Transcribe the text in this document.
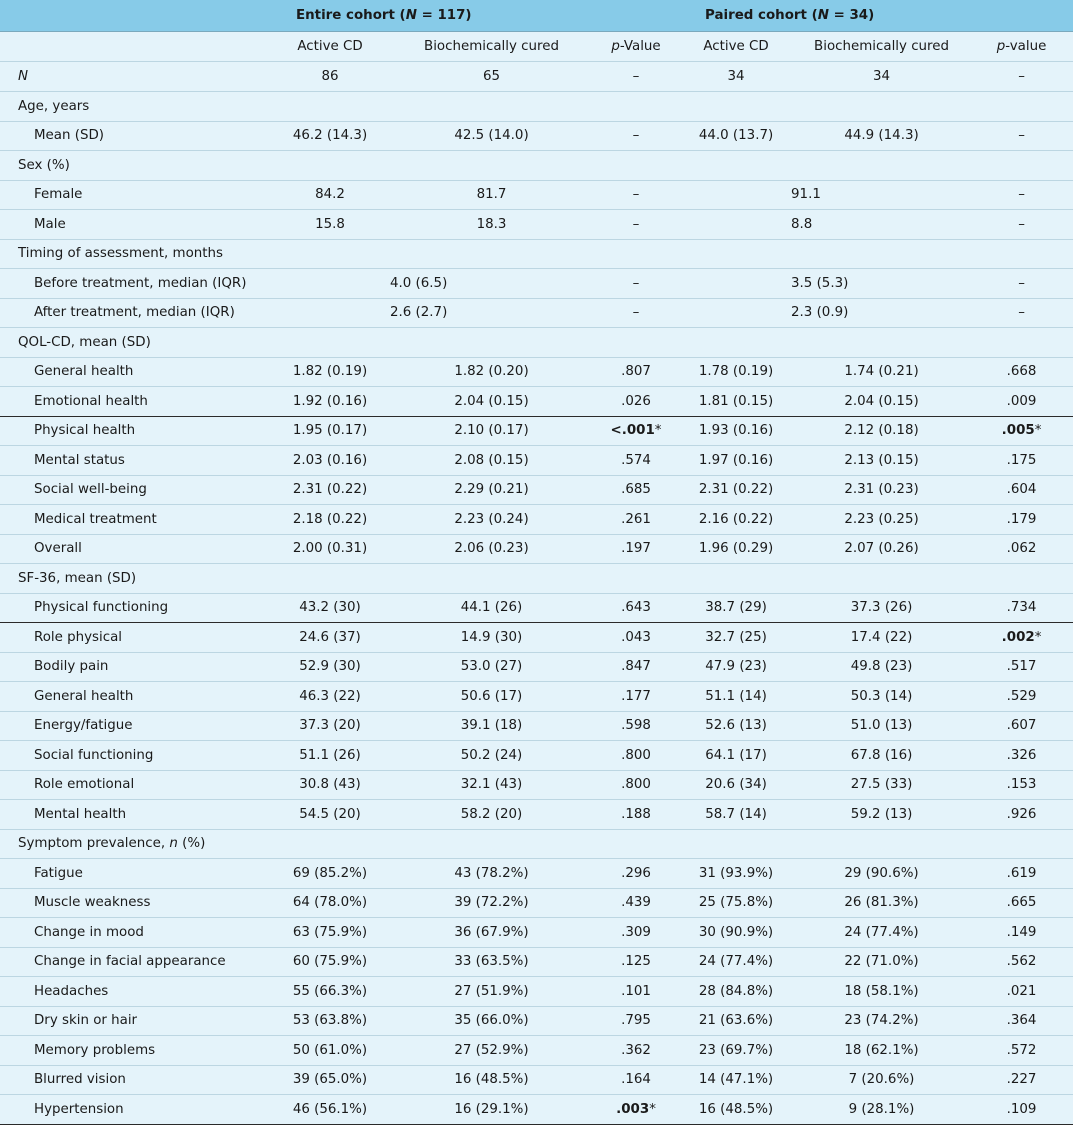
	Entire cohort (N = 117)			Paired cohort (N = 34)		
	Active CD	Biochemically cured	p-Value	Active CD	Biochemically cured	p-value
N	86	65	–	34	34	–
Age, years						
Mean (SD)	46.2 (14.3)	42.5 (14.0)	–	44.0 (13.7)	44.9 (14.3)	–
Sex (%)						
Female	84.2	81.7	–	91.1		–
Male	15.8	18.3	–	8.8		–
Timing of assessment, months						
Before treatment, median (IQR)	4.0 (6.5)		–	3.5 (5.3)		–
After treatment, median (IQR)	2.6 (2.7)		–	2.3 (0.9)		–
QOL-CD, mean (SD)						
General health	1.82 (0.19)	1.82 (0.20)	.807	1.78 (0.19)	1.74 (0.21)	.668
Emotional health	1.92 (0.16)	2.04 (0.15)	.026	1.81 (0.15)	2.04 (0.15)	.009
Physical health	1.95 (0.17)	2.10 (0.17)	<.001*	1.93 (0.16)	2.12 (0.18)	.005*
Mental status	2.03 (0.16)	2.08 (0.15)	.574	1.97 (0.16)	2.13 (0.15)	.175
Social well-being	2.31 (0.22)	2.29 (0.21)	.685	2.31 (0.22)	2.31 (0.23)	.604
Medical treatment	2.18 (0.22)	2.23 (0.24)	.261	2.16 (0.22)	2.23 (0.25)	.179
Overall	2.00 (0.31)	2.06 (0.23)	.197	1.96 (0.29)	2.07 (0.26)	.062
SF-36, mean (SD)						
Physical functioning	43.2 (30)	44.1 (26)	.643	38.7 (29)	37.3 (26)	.734
Role physical	24.6 (37)	14.9 (30)	.043	32.7 (25)	17.4 (22)	.002*
Bodily pain	52.9 (30)	53.0 (27)	.847	47.9 (23)	49.8 (23)	.517
General health	46.3 (22)	50.6 (17)	.177	51.1 (14)	50.3 (14)	.529
Energy/fatigue	37.3 (20)	39.1 (18)	.598	52.6 (13)	51.0 (13)	.607
Social functioning	51.1 (26)	50.2 (24)	.800	64.1 (17)	67.8 (16)	.326
Role emotional	30.8 (43)	32.1 (43)	.800	20.6 (34)	27.5 (33)	.153
Mental health	54.5 (20)	58.2 (20)	.188	58.7 (14)	59.2 (13)	.926
Symptom prevalence, n (%)						
Fatigue	69 (85.2%)	43 (78.2%)	.296	31 (93.9%)	29 (90.6%)	.619
Muscle weakness	64 (78.0%)	39 (72.2%)	.439	25 (75.8%)	26 (81.3%)	.665
Change in mood	63 (75.9%)	36 (67.9%)	.309	30 (90.9%)	24 (77.4%)	.149
Change in facial appearance	60 (75.9%)	33 (63.5%)	.125	24 (77.4%)	22 (71.0%)	.562
Headaches	55 (66.3%)	27 (51.9%)	.101	28 (84.8%)	18 (58.1%)	.021
Dry skin or hair	53 (63.8%)	35 (66.0%)	.795	21 (63.6%)	23 (74.2%)	.364
Memory problems	50 (61.0%)	27 (52.9%)	.362	23 (69.7%)	18 (62.1%)	.572
Blurred vision	39 (65.0%)	16 (48.5%)	.164	14 (47.1%)	7 (20.6%)	.227
Hypertension	46 (56.1%)	16 (29.1%)	.003*	16 (48.5%)	9 (28.1%)	.109
